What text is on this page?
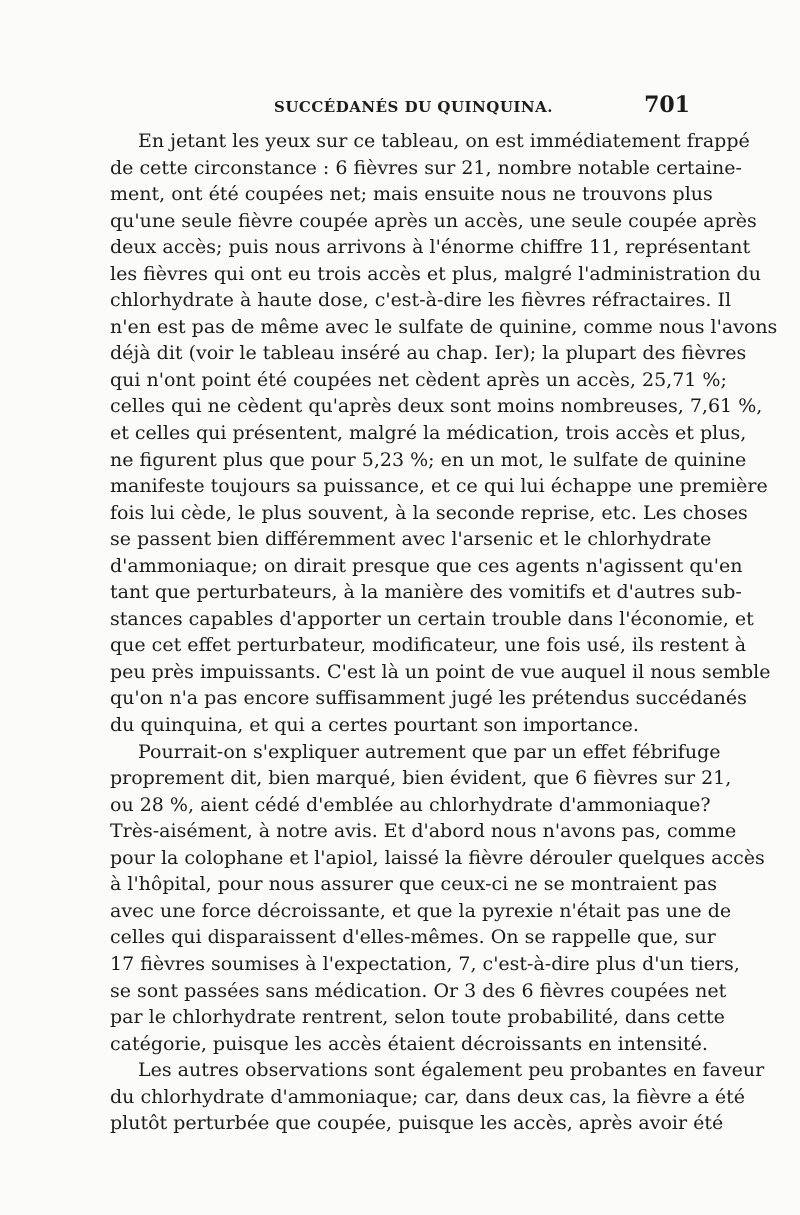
SUCCÉDANÉS DU QUINQUINA.	701
En jetant les yeux sur ce tableau, on est immédiatement frappé
de cette circonstance : 6 fièvres sur 21, nombre notable certaine-
ment, ont été coupées net; mais ensuite nous ne trouvons plus
qu'une seule fièvre coupée après un accès, une seule coupée après
deux accès; puis nous arrivons à l'énorme chiffre 11, représentant
les fièvres qui ont eu trois accès et plus, malgré l'administration du
chlorhydrate à haute dose, c'est-à-dire les fièvres réfractaires. Il
n'en est pas de même avec le sulfate de quinine, comme nous l'avons
déjà dit (voir le tableau inséré au chap. Ier); la plupart des fièvres
qui n'ont point été coupées net cèdent après un accès, 25,71 %;
celles qui ne cèdent qu'après deux sont moins nombreuses, 7,61 %,
et celles qui présentent, malgré la médication, trois accès et plus,
ne figurent plus que pour 5,23 %; en un mot, le sulfate de quinine
manifeste toujours sa puissance, et ce qui lui échappe une première
fois lui cède, le plus souvent, à la seconde reprise, etc. Les choses
se passent bien différemment avec l'arsenic et le chlorhydrate
d'ammoniaque; on dirait presque que ces agents n'agissent qu'en
tant que perturbateurs, à la manière des vomitifs et d'autres sub-
stances capables d'apporter un certain trouble dans l'économie, et
que cet effet perturbateur, modificateur, une fois usé, ils restent à
peu près impuissants. C'est là un point de vue auquel il nous semble
qu'on n'a pas encore suffisamment jugé les prétendus succédanés
du quinquina, et qui a certes pourtant son importance.
Pourrait-on s'expliquer autrement que par un effet fébrifuge
proprement dit, bien marqué, bien évident, que 6 fièvres sur 21,
ou 28 %, aient cédé d'emblée au chlorhydrate d'ammoniaque?
Très-aisément, à notre avis. Et d'abord nous n'avons pas, comme
pour la colophane et l'apiol, laissé la fièvre dérouler quelques accès
à l'hôpital, pour nous assurer que ceux-ci ne se montraient pas
avec une force décroissante, et que la pyrexie n'était pas une de
celles qui disparaissent d'elles-mêmes. On se rappelle que, sur
17 fièvres soumises à l'expectation, 7, c'est-à-dire plus d'un tiers,
se sont passées sans médication. Or 3 des 6 fièvres coupées net
par le chlorhydrate rentrent, selon toute probabilité, dans cette
catégorie, puisque les accès étaient décroissants en intensité.
Les autres observations sont également peu probantes en faveur
du chlorhydrate d'ammoniaque; car, dans deux cas, la fièvre a été
plutôt perturbée que coupée, puisque les accès, après avoir été
